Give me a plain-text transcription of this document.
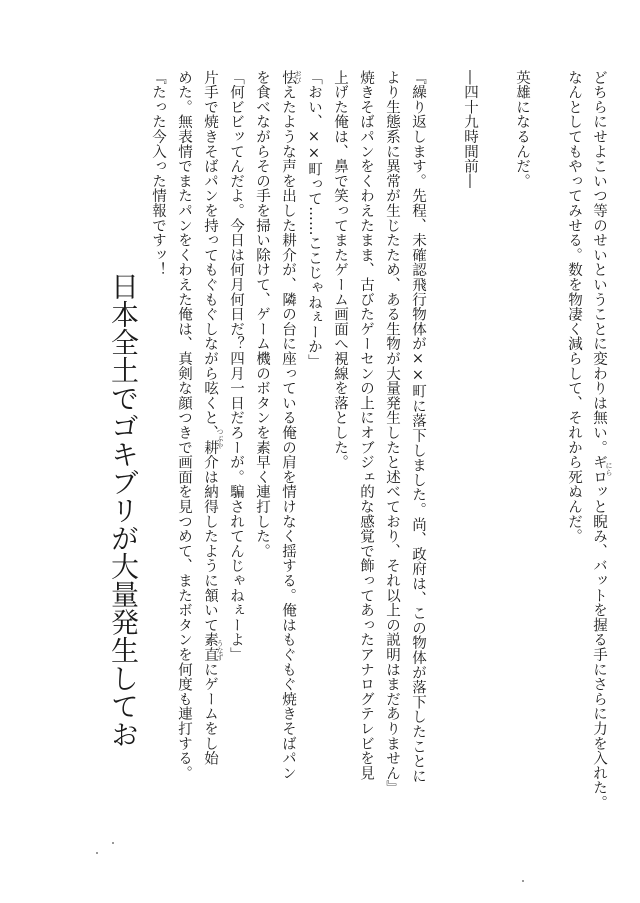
どちらにせよこいつ等のせいということに変わりは無い。ギロッと睨み、バットを握る手にさらに力を入れた。
なんとしてもやってみせる。数を物凄く減らして、それから死ぬんだ。
英雄になるんだ。
―四十九時間前―
『繰り返します。先程、未確認飛行物体が××町に落下しました。尚、政府は、この物体が落下したことに
より生態系に異常が生じたため、ある生物が大量発生したと述べており、それ以上の説明はまだありません』
焼きそばパンをくわえたまま、古びたゲーセンの上にオブジェ的な感覚で飾ってあったアナログテレビを見
上げた俺は、鼻で笑ってまたゲーム画面へ視線を落とした。
「おい、××町って……ここじゃねぇーか」
怯えたような声を出した耕介が、隣の台に座っている俺の肩を情けなく揺する。俺はもぐもぐ焼きそばパン
を食べながらその手を掃い除けて、ゲーム機のボタンを素早く連打した。
「何ビビッてんだよ。今日は何月何日だ？四月一日だろーが。騙されてんじゃねぇーよ」
片手で焼きそばパンを持ってもぐもぐしながら呟くと、耕介は納得したように頷いて素直にゲームをし始
めた。無表情でまたパンをくわえた俺は、真剣な顔つきで画面を見つめて、またボタンを何度も連打する。
『たった今入った情報ですッ！
日本全土でゴキブリが大量発生してお	にら
つぶや
うなず
おび
